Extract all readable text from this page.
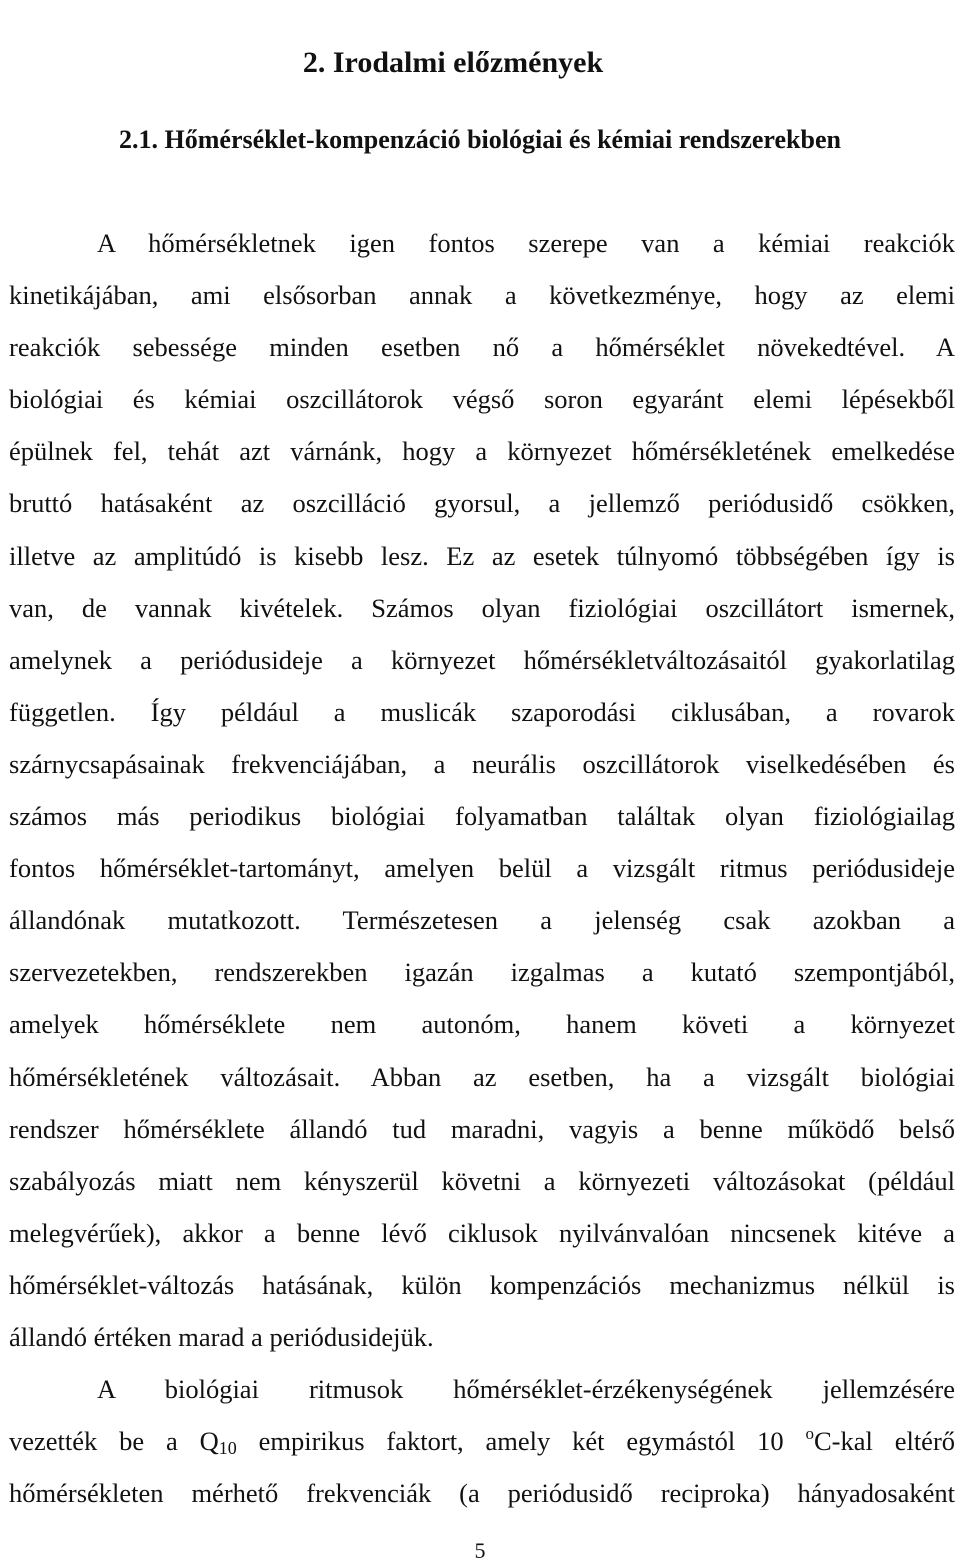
2. Irodalmi előzmények
2.1. Hőmérséklet-kompenzáció biológiai és kémiai rendszerekben
A hőmérsékletnek igen fontos szerepe van a kémiai reakciók
kinetikájában, ami elsősorban annak a következménye, hogy az elemi
reakciók sebessége minden esetben nő a hőmérséklet növekedtével. A
biológiai és kémiai oszcillátorok végső soron egyaránt elemi lépésekből
épülnek fel, tehát azt várnánk, hogy a környezet hőmérsékletének emelkedése
bruttó hatásaként az oszcilláció gyorsul, a jellemző periódusidő csökken,
illetve az amplitúdó is kisebb lesz. Ez az esetek túlnyomó többségében így is
van, de vannak kivételek. Számos olyan fiziológiai oszcillátort ismernek,
amelynek a periódusideje a környezet hőmérsékletváltozásaitól gyakorlatilag
független. Így például a muslicák szaporodási ciklusában, a rovarok
szárnycsapásainak frekvenciájában, a neurális oszcillátorok viselkedésében és
számos más periodikus biológiai folyamatban találtak olyan fiziológiailag
fontos hőmérséklet-tartományt, amelyen belül a vizsgált ritmus periódusideje
állandónak mutatkozott. Természetesen a jelenség csak azokban a
szervezetekben, rendszerekben igazán izgalmas a kutató szempontjából,
amelyek hőmérséklete nem autonóm, hanem követi a környezet
hőmérsékletének változásait. Abban az esetben, ha a vizsgált biológiai
rendszer hőmérséklete állandó tud maradni, vagyis a benne működő belső
szabályozás miatt nem kényszerül követni a környezeti változásokat (például
melegvérűek), akkor a benne lévő ciklusok nyilvánvalóan nincsenek kitéve a
hőmérséklet-változás hatásának, külön kompenzációs mechanizmus nélkül is
állandó értéken marad a periódusidejük.
A biológiai ritmusok hőmérséklet-érzékenységének jellemzésére
vezették be a $Q_{10}$ empirikus faktort, amely két egymástól 10 $^o$C-kal eltérő
hőmérsékleten mérhető frekvenciák (a periódusidő reciproka) hányadosaként
5
